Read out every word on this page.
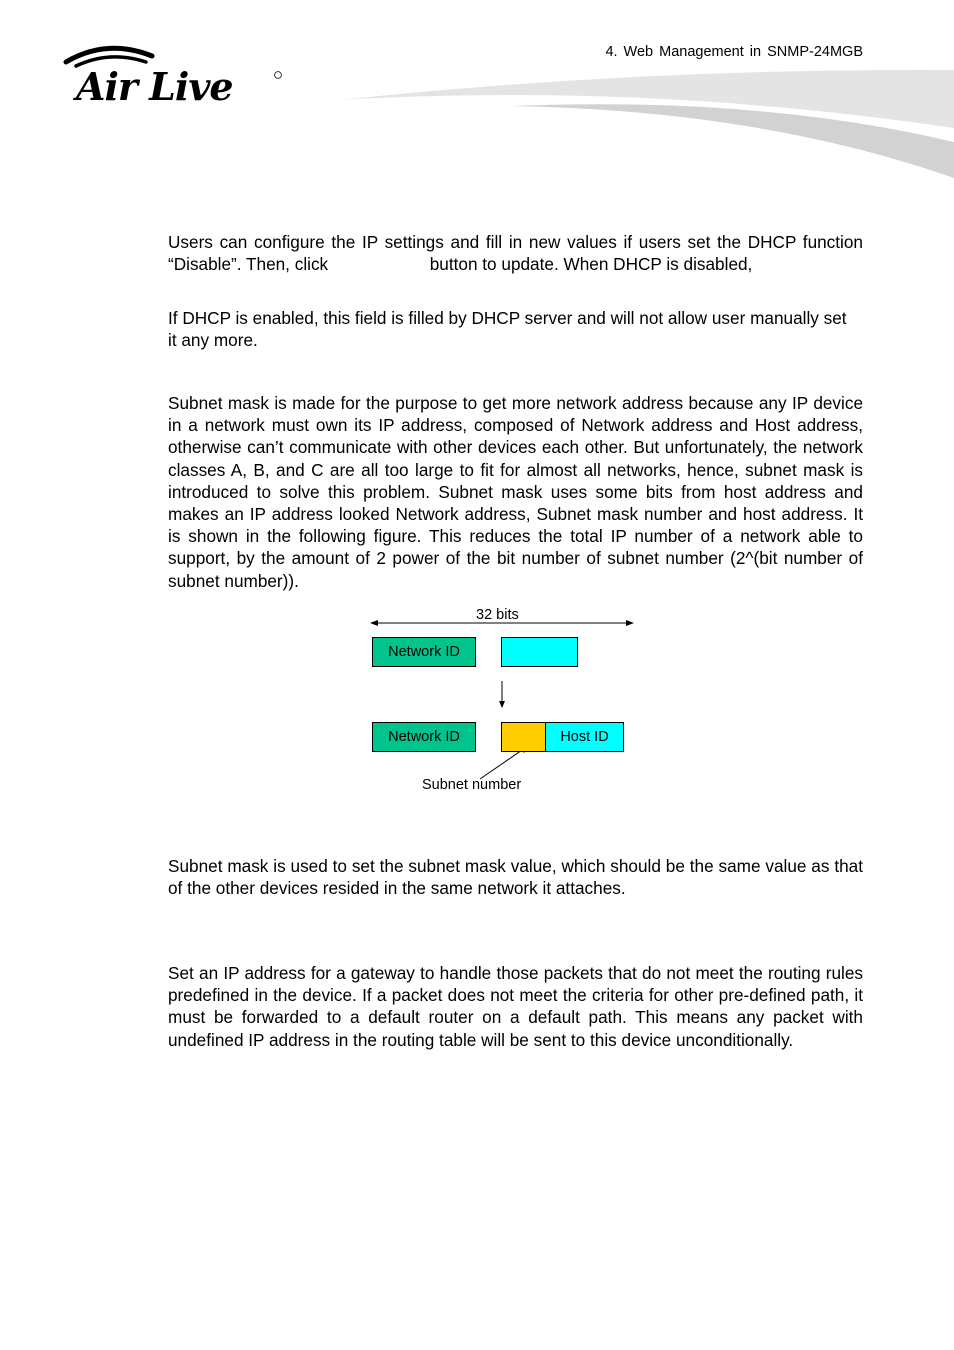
4. Web Management in SNMP-24MGB
Air Live

Users can configure the IP settings and fill in new values if users set the DHCP function “Disable”. Then, click	button to update. When DHCP is disabled,

If DHCP is enabled, this field is filled by DHCP server and will not allow user manually set it any more.

Subnet mask is made for the purpose to get more network address because any IP device in a network must own its IP address, composed of Network address and Host address, otherwise can’t communicate with other devices each other. But unfortunately, the network classes A, B, and C are all too large to fit for almost all networks, hence, subnet mask is introduced to solve this problem. Subnet mask uses some bits from host address and makes an IP address looked Network address, Subnet mask number and host address. It is shown in the following figure. This reduces the total IP number of a network able to support, by the amount of 2 power of the bit number of subnet number (2^(bit number of subnet number)).

32 bits
Network ID
Network ID	Host ID
Subnet number

Subnet mask is used to set the subnet mask value, which should be the same value as that of the other devices resided in the same network it attaches.

Set an IP address for a gateway to handle those packets that do not meet the routing rules predefined in the device. If a packet does not meet the criteria for other pre-defined path, it must be forwarded to a default router on a default path. This means any packet with undefined IP address in the routing table will be sent to this device unconditionally.
